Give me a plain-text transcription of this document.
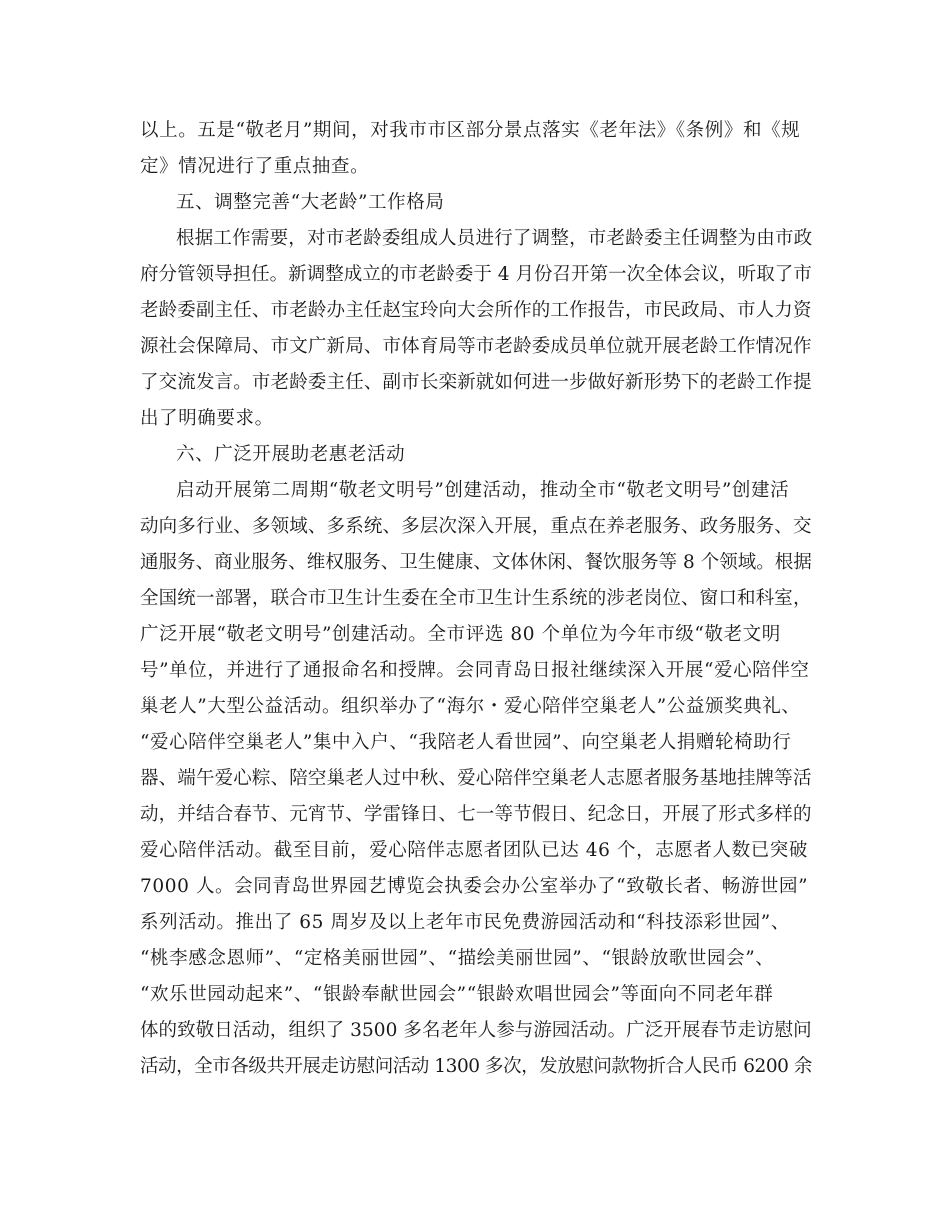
以上。五是“敬老月”期间，对我市市区部分景点落实《老年法》《条例》和《规
定》情况进行了重点抽查。
五、调整完善“大老龄”工作格局
根据工作需要，对市老龄委组成人员进行了调整，市老龄委主任调整为由市政
府分管领导担任。新调整成立的市老龄委于 4 月份召开第一次全体会议，听取了市
老龄委副主任、市老龄办主任赵宝玲向大会所作的工作报告，市民政局、市人力资
源社会保障局、市文广新局、市体育局等市老龄委成员单位就开展老龄工作情况作
了交流发言。市老龄委主任、副市长栾新就如何进一步做好新形势下的老龄工作提
出了明确要求。
六、广泛开展助老惠老活动
启动开展第二周期“敬老文明号”创建活动，推动全市“敬老文明号”创建活
动向多行业、多领域、多系统、多层次深入开展，重点在养老服务、政务服务、交
通服务、商业服务、维权服务、卫生健康、文体休闲、餐饮服务等 8 个领域。根据
全国统一部署，联合市卫生计生委在全市卫生计生系统的涉老岗位、窗口和科室，
广泛开展“敬老文明号”创建活动。全市评选 80 个单位为今年市级“敬老文明
号”单位，并进行了通报命名和授牌。会同青岛日报社继续深入开展“爱心陪伴空
巢老人”大型公益活动。组织举办了“海尔・爱心陪伴空巢老人”公益颁奖典礼、
“爱心陪伴空巢老人”集中入户、“我陪老人看世园”、向空巢老人捐赠轮椅助行
器、端午爱心粽、陪空巢老人过中秋、爱心陪伴空巢老人志愿者服务基地挂牌等活
动，并结合春节、元宵节、学雷锋日、七一等节假日、纪念日，开展了形式多样的
爱心陪伴活动。截至目前，爱心陪伴志愿者团队已达 46 个，志愿者人数已突破
7000 人。会同青岛世界园艺博览会执委会办公室举办了“致敬长者、畅游世园”
系列活动。推出了 65 周岁及以上老年市民免费游园活动和“科技添彩世园”、
“桃李感念恩师”、“定格美丽世园”、“描绘美丽世园”、“银龄放歌世园会”、
“欢乐世园动起来”、“银龄奉献世园会”“银龄欢唱世园会”等面向不同老年群
体的致敬日活动，组织了 3500 多名老年人参与游园活动。广泛开展春节走访慰问
活动，全市各级共开展走访慰问活动 1300 多次，发放慰问款物折合人民币 6200 余
